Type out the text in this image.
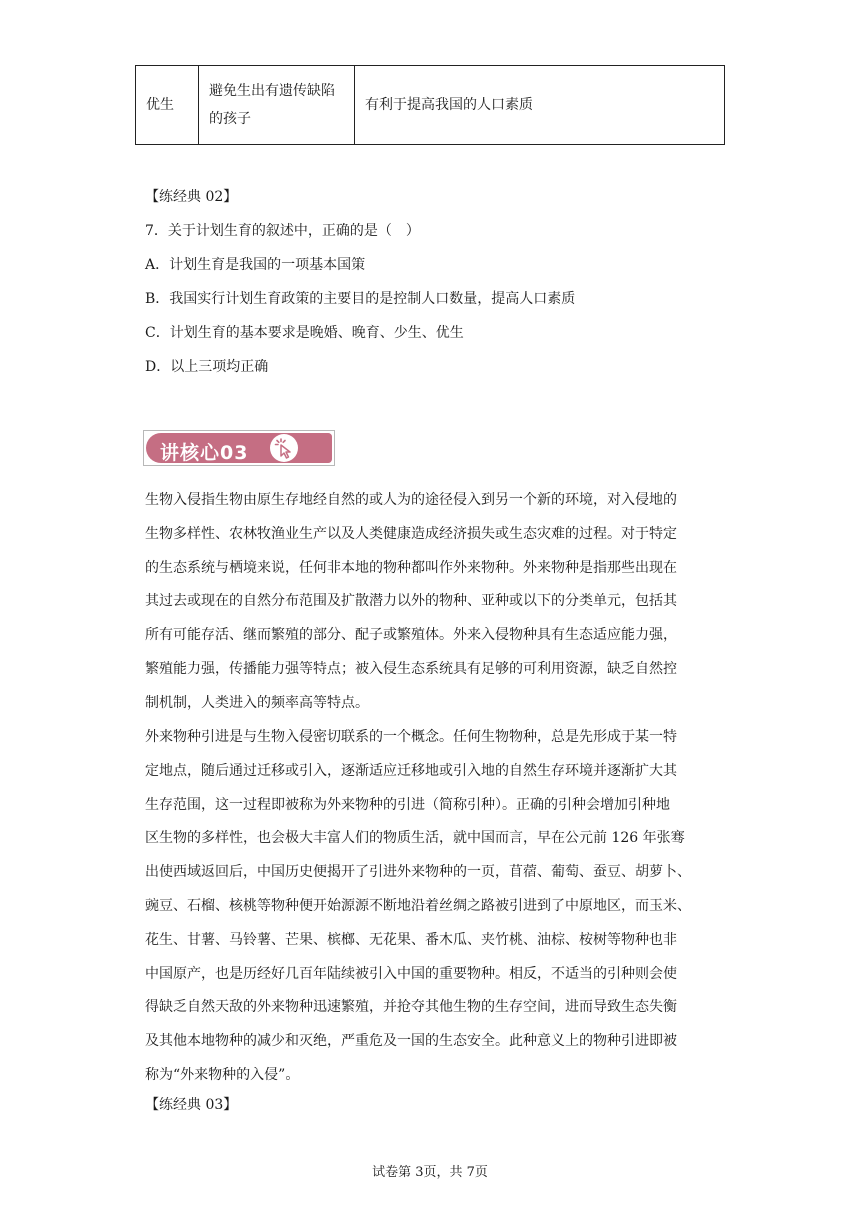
优生	避免生出有遗传缺陷的孩子	有利于提高我国的人口素质
【练经典 02】
7．关于计划生育的叙述中，正确的是（　）
A．计划生育是我国的一项基本国策
B．我国实行计划生育政策的主要目的是控制人口数量，提高人口素质
C．计划生育的基本要求是晚婚、晚育、少生、优生
D．以上三项均正确
讲核心03
生物入侵指生物由原生存地经自然的或人为的途径侵入到另一个新的环境，对入侵地的
生物多样性、农林牧渔业生产以及人类健康造成经济损失或生态灾难的过程。对于特定
的生态系统与栖境来说，任何非本地的物种都叫作外来物种。外来物种是指那些出现在
其过去或现在的自然分布范围及扩散潜力以外的物种、亚种或以下的分类单元，包括其
所有可能存活、继而繁殖的部分、配子或繁殖体。外来入侵物种具有生态适应能力强，
繁殖能力强，传播能力强等特点；被入侵生态系统具有足够的可利用资源，缺乏自然控
制机制，人类进入的频率高等特点。
外来物种引进是与生物入侵密切联系的一个概念。任何生物物种，总是先形成于某一特
定地点，随后通过迁移或引入，逐渐适应迁移地或引入地的自然生存环境并逐渐扩大其
生存范围，这一过程即被称为外来物种的引进（简称引种）。正确的引种会增加引种地
区生物的多样性，也会极大丰富人们的物质生活，就中国而言，早在公元前 126 年张骞
出使西域返回后，中国历史便揭开了引进外来物种的一页，苜蓿、葡萄、蚕豆、胡萝卜、
豌豆、石榴、核桃等物种便开始源源不断地沿着丝绸之路被引进到了中原地区，而玉米、
花生、甘薯、马铃薯、芒果、槟榔、无花果、番木瓜、夹竹桃、油棕、桉树等物种也非
中国原产，也是历经好几百年陆续被引入中国的重要物种。相反，不适当的引种则会使
得缺乏自然天敌的外来物种迅速繁殖，并抢夺其他生物的生存空间，进而导致生态失衡
及其他本地物种的减少和灭绝，严重危及一国的生态安全。此种意义上的物种引进即被
称为“外来物种的入侵”。
【练经典 03】
试卷第 3页，共 7页
